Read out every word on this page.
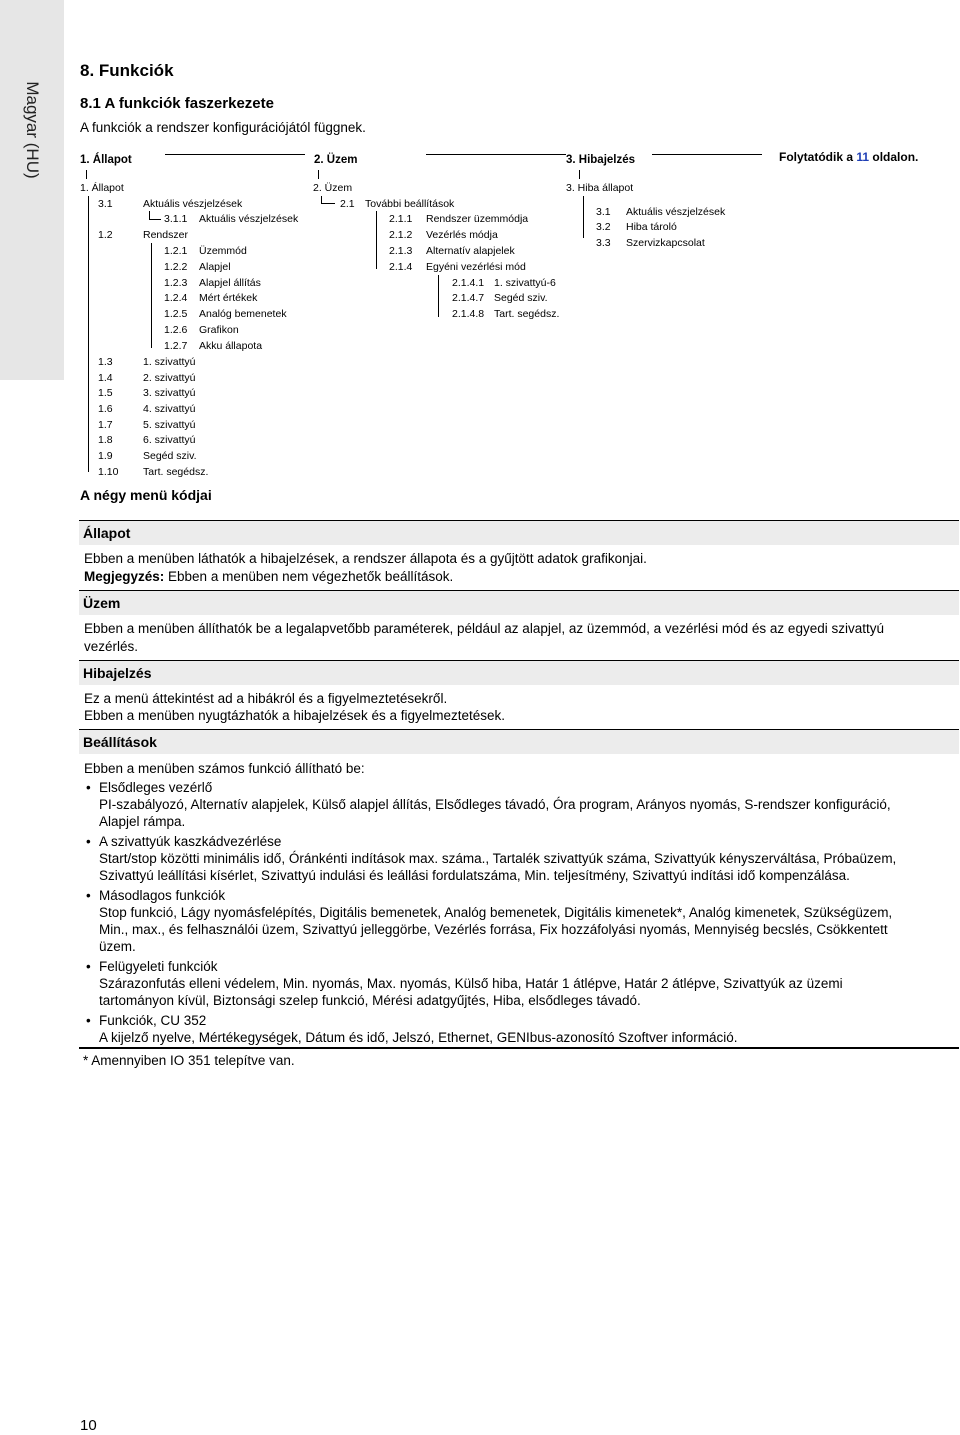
Magyar (HU)
8. Funkciók
8.1 A funkciók faszerkezete
A funkciók a rendszer konfigurációjától függnek.
Folytatódik a 11 oldalon.
1. Állapot	2. Üzem	3. Hibajelzés
1. Állapot
3.1	Aktuális vészjelzések
3.1.1 Aktuális vészjelzések
1.2	Rendszer
1.2.1 Üzemmód
1.2.2 Alapjel
1.2.3 Alapjel állítás
1.2.4 Mért értékek
1.2.5 Analóg bemenetek
1.2.6 Grafikon
1.2.7 Akku állapota
1.3	1. szivattyú
1.4	2. szivattyú
1.5	3. szivattyú
1.6	4. szivattyú
1.7	5. szivattyú
1.8	6. szivattyú
1.9	Segéd sziv.
1.10 Tart. segédsz.
2. Üzem
2.1 További beállítások
2.1.1 Rendszer üzemmódja
2.1.2 Vezérlés módja
2.1.3 Alternatív alapjelek
2.1.4 Egyéni vezérlési mód
2.1.4.1 1. szivattyú-6
2.1.4.7 Segéd sziv.
2.1.4.8 Tart. segédsz.
3. Hiba állapot
3.1 Aktuális vészjelzések
3.2 Hiba tároló
3.3 Szervizkapcsolat
A négy menü kódjai
Állapot
Ebben a menüben láthatók a hibajelzések, a rendszer állapota és a gyűjtött adatok grafikonjai.
Megjegyzés: Ebben a menüben nem végezhetők beállítások.
Üzem
Ebben a menüben állíthatók be a legalapvetőbb paraméterek, például az alapjel, az üzemmód, a vezérlési mód és az egyedi szivattyú
vezérlés.
Hibajelzés
Ez a menü áttekintést ad a hibákról és a figyelmeztetésekről.
Ebben a menüben nyugtázhatók a hibajelzések és a figyelmeztetések.
Beállítások
Ebben a menüben számos funkció állítható be:
• Elsődleges vezérlő
PI-szabályozó, Alternatív alapjelek, Külső alapjel állítás, Elsődleges távadó, Óra program, Arányos nyomás, S-rendszer konfiguráció,
Alapjel rámpa.
• A szivattyúk kaszkádvezérlése
Start/stop közötti minimális idő, Óránkénti indítások max. száma., Tartalék szivattyúk száma, Szivattyúk kényszerváltása, Próbaüzem,
Szivattyú leállítási kísérlet, Szivattyú indulási és leállási fordulatszáma, Min. teljesítmény, Szivattyú indítási idő kompenzálása.
• Másodlagos funkciók
Stop funkció, Lágy nyomásfelépítés, Digitális bemenetek, Analóg bemenetek, Digitális kimenetek*, Analóg kimenetek, Szükségüzem,
Min., max., és felhasználói üzem, Szivattyú jelleggörbe, Vezérlés forrása, Fix hozzáfolyási nyomás, Mennyiség becslés, Csökkentett
üzem.
• Felügyeleti funkciók
Szárazonfutás elleni védelem, Min. nyomás, Max. nyomás, Külső hiba, Határ 1 átlépve, Határ 2 átlépve, Szivattyúk az üzemi
tartományon kívül, Biztonsági szelep funkció, Mérési adatgyűjtés, Hiba, elsődleges távadó.
• Funkciók, CU 352
A kijelző nyelve, Mértékegységek, Dátum és idő, Jelszó, Ethernet, GENIbus-azonosító Szoftver információ.
* Amennyiben IO 351 telepítve van.
10
